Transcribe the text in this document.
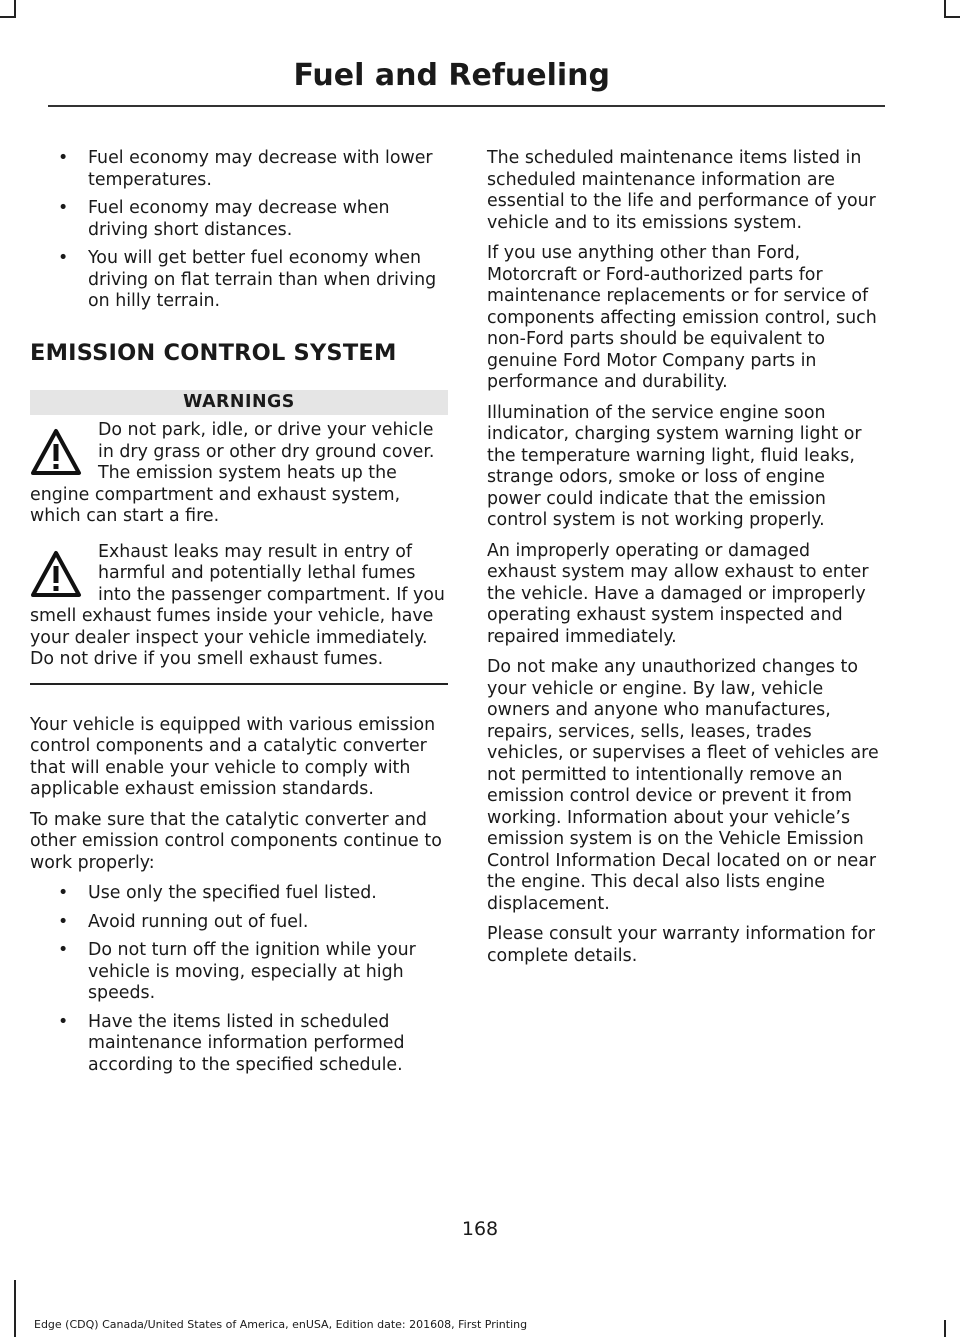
Fuel and Refueling
• Fuel economy may decrease with lower temperatures.
• Fuel economy may decrease when driving short distances.
• You will get better fuel economy when driving on flat terrain than when driving on hilly terrain.
EMISSION CONTROL SYSTEM
WARNINGS
Do not park, idle, or drive your vehicle in dry grass or other dry ground cover. The emission system heats up the engine compartment and exhaust system, which can start a fire.
Exhaust leaks may result in entry of harmful and potentially lethal fumes into the passenger compartment. If you smell exhaust fumes inside your vehicle, have your dealer inspect your vehicle immediately. Do not drive if you smell exhaust fumes.

Your vehicle is equipped with various emission control components and a catalytic converter that will enable your vehicle to comply with applicable exhaust emission standards.

To make sure that the catalytic converter and other emission control components continue to work properly:

• Use only the specified fuel listed.
• Avoid running out of fuel.
• Do not turn off the ignition while your vehicle is moving, especially at high speeds.
• Have the items listed in scheduled maintenance information performed according to the specified schedule.

The scheduled maintenance items listed in scheduled maintenance information are essential to the life and performance of your vehicle and to its emissions system.

If you use anything other than Ford, Motorcraft or Ford-authorized parts for maintenance replacements or for service of components affecting emission control, such non-Ford parts should be equivalent to genuine Ford Motor Company parts in performance and durability.

Illumination of the service engine soon indicator, charging system warning light or the temperature warning light, fluid leaks, strange odors, smoke or loss of engine power could indicate that the emission control system is not working properly.

An improperly operating or damaged exhaust system may allow exhaust to enter the vehicle. Have a damaged or improperly operating exhaust system inspected and repaired immediately.

Do not make any unauthorized changes to your vehicle or engine. By law, vehicle owners and anyone who manufactures, repairs, services, sells, leases, trades vehicles, or supervises a fleet of vehicles are not permitted to intentionally remove an emission control device or prevent it from working. Information about your vehicle’s emission system is on the Vehicle Emission Control Information Decal located on or near the engine. This decal also lists engine displacement.

Please consult your warranty information for complete details.

168
Edge (CDQ) Canada/United States of America, enUSA, Edition date: 201608, First Printing
